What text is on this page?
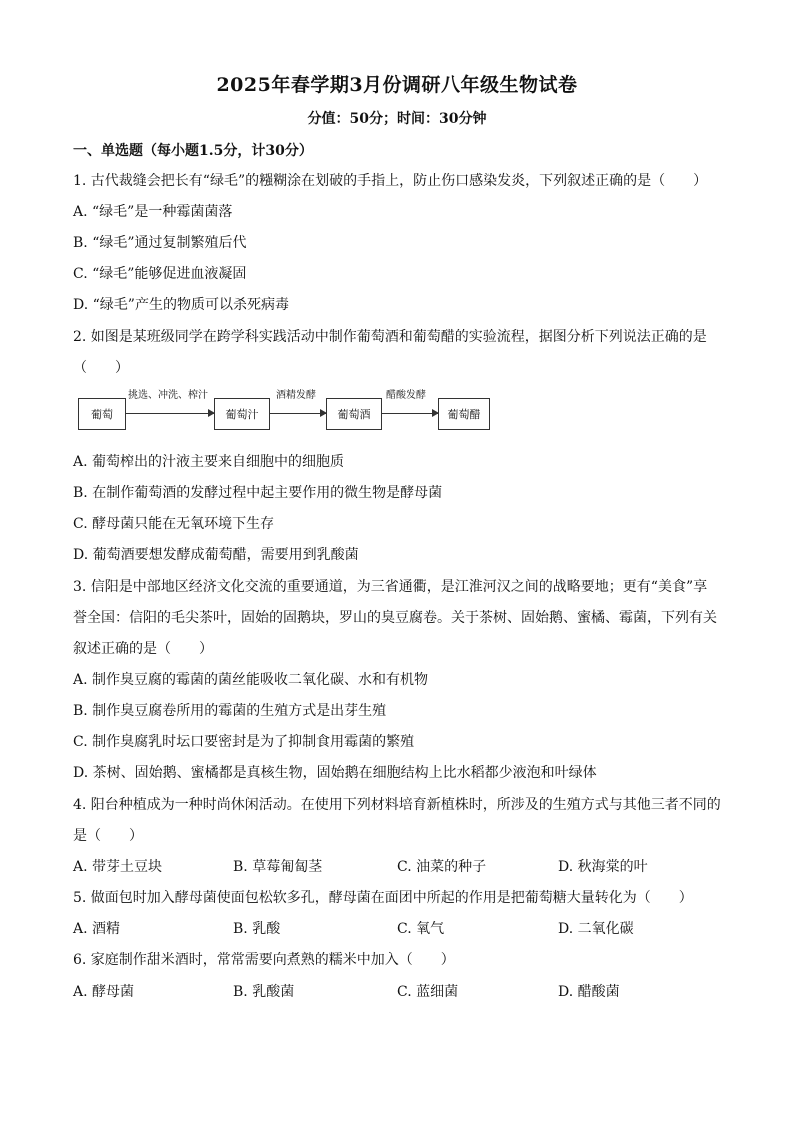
2025年春学期3月份调研八年级生物试卷
分值：50分；时间：30分钟
一、单选题（每小题1.5分，计30分）
1. 古代裁缝会把长有“绿毛”的糨糊涂在划破的手指上，防止伤口感染发炎，下列叙述正确的是（　　）
A. “绿毛”是一种霉菌菌落
B. “绿毛”通过复制繁殖后代
C. “绿毛”能够促进血液凝固
D. “绿毛”产生的物质可以杀死病毒
2. 如图是某班级同学在跨学科实践活动中制作葡萄酒和葡萄醋的实验流程，据图分析下列说法正确的是
（　　）
葡萄
挑选、冲洗、榨汁
葡萄汁
酒精发酵
葡萄酒
醋酸发酵
葡萄醋
A. 葡萄榨出的汁液主要来自细胞中的细胞质
B. 在制作葡萄酒的发酵过程中起主要作用的微生物是酵母菌
C. 酵母菌只能在无氧环境下生存
D. 葡萄酒要想发酵成葡萄醋，需要用到乳酸菌
3. 信阳是中部地区经济文化交流的重要通道，为三省通衢，是江淮河汉之间的战略要地；更有“美食”享
誉全国：信阳的毛尖茶叶，固始的固鹅块，罗山的臭豆腐卷。关于茶树、固始鹅、蜜橘、霉菌，下列有关
叙述正确的是（　　）
A. 制作臭豆腐的霉菌的菌丝能吸收二氧化碳、水和有机物
B. 制作臭豆腐卷所用的霉菌的生殖方式是出芽生殖
C. 制作臭腐乳时坛口要密封是为了抑制食用霉菌的繁殖
D. 茶树、固始鹅、蜜橘都是真核生物，固始鹅在细胞结构上比水稻都少液泡和叶绿体
4. 阳台种植成为一种时尚休闲活动。在使用下列材料培育新植株时，所涉及的生殖方式与其他三者不同的
是（　　）
A. 带芽土豆块	B. 草莓匍匐茎	C. 油菜的种子	D. 秋海棠的叶
5. 做面包时加入酵母菌使面包松软多孔，酵母菌在面团中所起的作用是把葡萄糖大量转化为（　　）
A. 酒精	B. 乳酸	C. 氧气	D. 二氧化碳
6. 家庭制作甜米酒时，常常需要向煮熟的糯米中加入（　　）
A. 酵母菌	B. 乳酸菌	C. 蓝细菌	D. 醋酸菌
